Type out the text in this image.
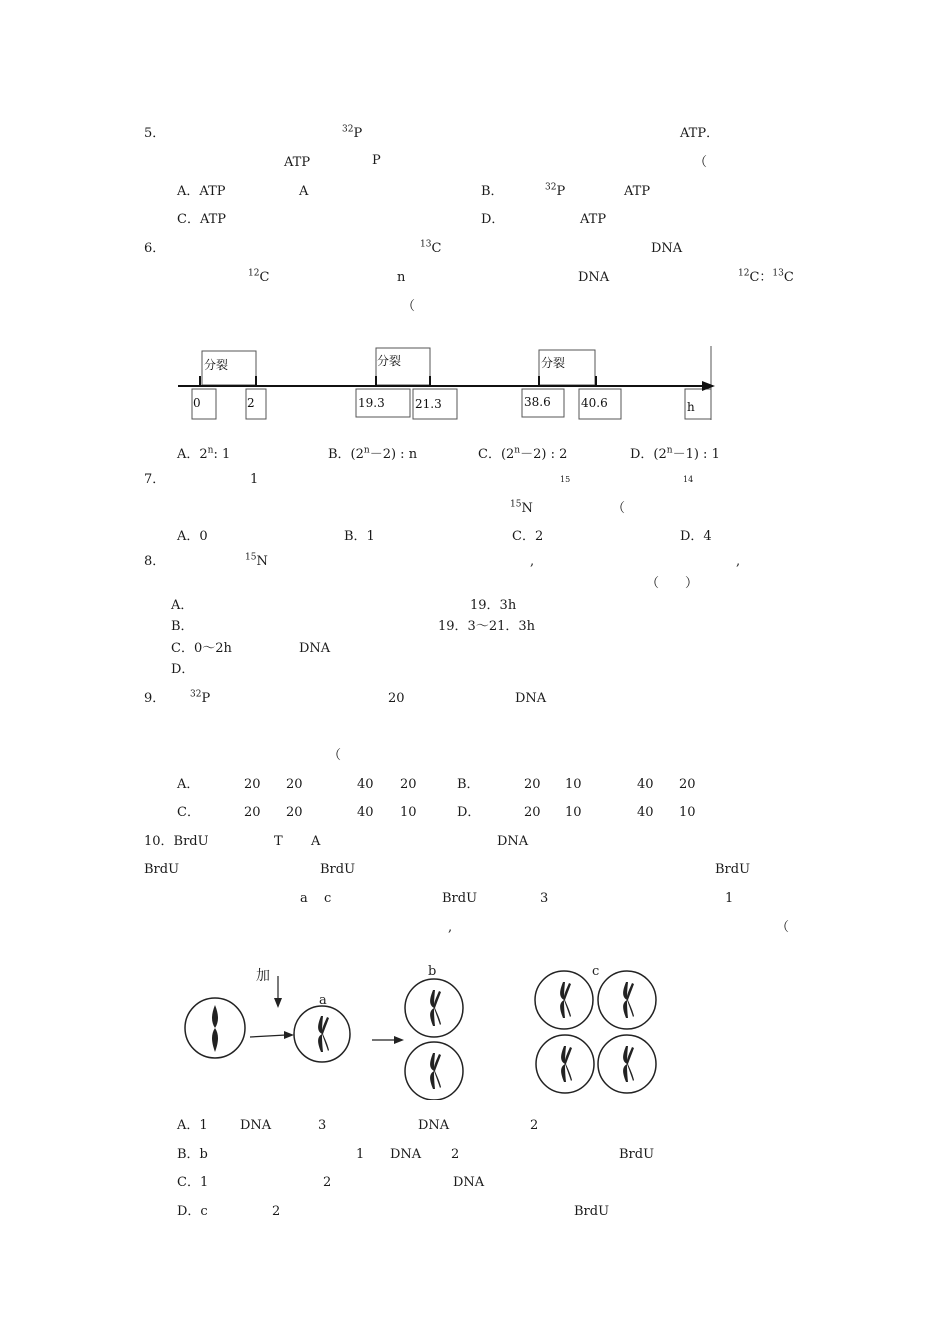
5．	$^{32}$P	ATP．
ATP	P	（
A．ATP	A	B．	$^{32}$P	ATP
C．ATP	D．	ATP
6．	$^{13}$C	DNA
$^{12}$C	n	DNA	$^{12}$C：$^{13}$C
（
分裂	分裂	分裂
0	2	19.3	21.3	38.6	40.6	h
A．2$^n$: 1	B．$(2^n-2)$ : n	C．$(2^n-2)$ : 2	D．$(2^n-1)$ : 1
7．	1	15	14
$^{15}$N	（
A．0	B．1	C．2	D．4
8．	$^{15}$N	,	,
（　　）
A．	19．3h
B．	19．3～21．3h
C．0～2h	DNA
D．
9．	$^{32}$P	20	DNA
（
A．	20 20	40 20	B．	20 10	40 20
C．	20 20	40 10	D．	20 10	40 10
10．BrdU	T A	DNA
BrdU	BrdU	BrdU
a c	BrdU	3	1
,	（
加
a
b	c
A．1 DNA	3	DNA	2
B．b	1 DNA 2	BrdU
C．1	2	DNA
D．c	2	BrdU
